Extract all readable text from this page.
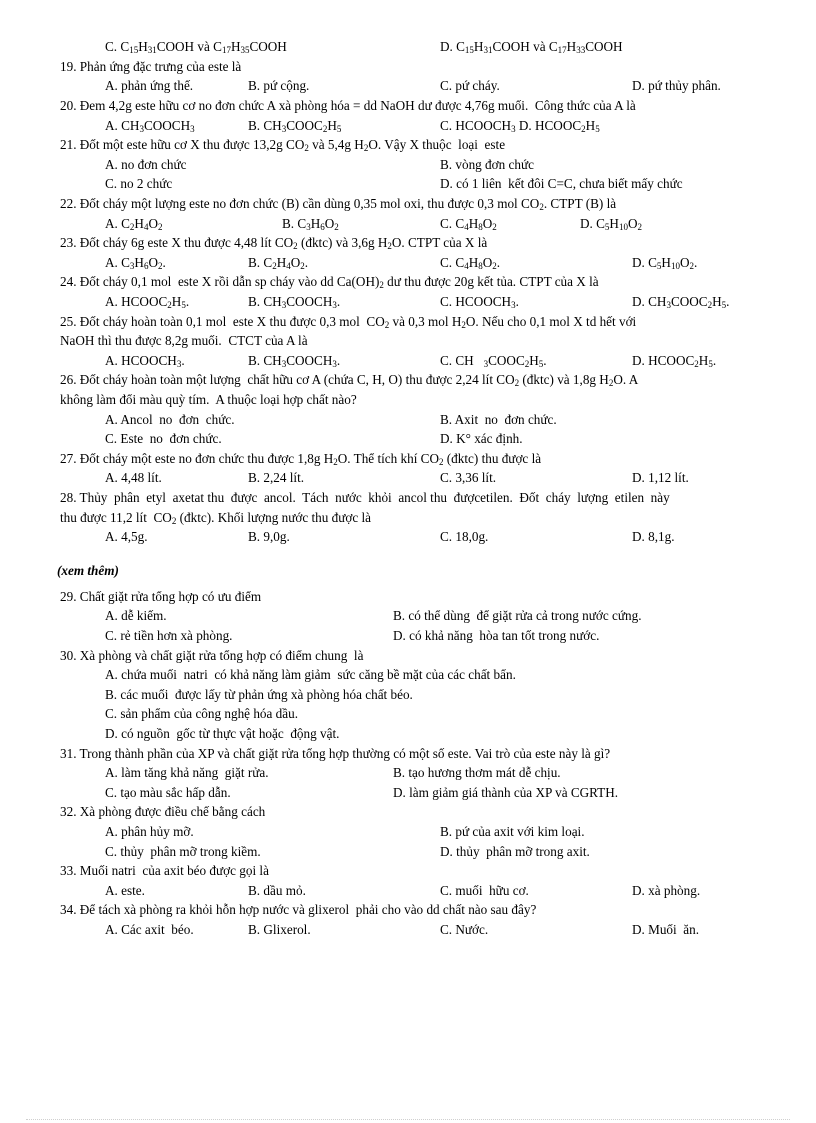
C. $C_{15}H_{31}COOH$ và $C_{17}H_{35}COOH$	D. $C_{15}H_{31}COOH$ và $C_{17}H_{33}COOH$
19. Phản ứng đặc trưng của este là
A. phản ứng thế.	B. pứ cộng.	C. pứ cháy.	D. pứ thủy phân.
20. Đem 4,2g este hữu cơ no đơn chức A xà phòng hóa = dd NaOH dư được 4,76g muối.  Công thức của A là
A. $CH_3COOCH_3$	B. $CH_3COOC_2H_5$	C. $HCOOCH_3$ D. $HCOOC_2H_5$
21. Đốt một este hữu cơ X thu được 13,2g $CO_2$ và 5,4g $H_2O$. Vậy X thuộc  loại  este
A. no đơn chức	B. vòng đơn chức
C. no 2 chức	D. có 1 liên  kết đôi C=C, chưa biết mấy chức
22. Đốt cháy một lượng este no đơn chức (B) cần dùng 0,35 mol oxi, thu được 0,3 mol $CO_2$. CTPT (B) là
A. $C_2H_4O_2$	B. $C_3H_6O_2$	C. $C_4H_8O_2$	D. $C_5H_{10}O_2$
23. Đốt cháy 6g este X thu được 4,48 lít $CO_2$ (đktc) và 3,6g $H_2O$. CTPT của X là
A. $C_3H_6O_2$.	B. $C_2H_4O_2$.	C. $C_4H_8O_2$.	D. $C_5H_{10}O_2$.
24. Đốt cháy 0,1 mol  este X rồi dẫn sp cháy vào dd $Ca(OH)_2$ dư thu được 20g kết tủa. CTPT của X là
A. $HCOOC_2H_5$.	B. $CH_3COOCH_3$.	C. $HCOOCH_3$.	D. $CH_3COOC_2H_5$.
25. Đốt cháy hoàn toàn 0,1 mol  este X thu được 0,3 mol  $CO_2$ và 0,3 mol $H_2O$. Nếu cho 0,1 mol X td hết với
NaOH thì thu được 8,2g muối.  CTCT của A là
A. $HCOOCH_3$.	B. $CH_3COOCH_3$.	C. CH   $_3COOC_2H_5$.	D. $HCOOC_2H_5$.
26. Đốt cháy hoàn toàn một lượng  chất hữu cơ A (chứa C, H, O) thu được 2,24 lít $CO_2$ (đktc) và 1,8g $H_2O$. A
không làm đổi màu quỳ tím.  A thuộc loại hợp chất nào?
A. Ancol  no  đơn  chức.	B. Axit  no  đơn chức.
C. Este  no  đơn chức.	D. K° xác định.
27. Đốt cháy một este no đơn chức thu được 1,8g $H_2O$. Thể tích khí $CO_2$ (đktc) thu được là
A. 4,48 lít.	B. 2,24 lít.	C. 3,36 lít.	D. 1,12 lít.
28. Thủy  phân  etyl  axetat thu  được  ancol.  Tách  nước  khỏi  ancol thu  đượcetilen.  Đốt  cháy  lượng  etilen  này
thu được 11,2 lít  $CO_2$ (đktc). Khối lượng nước thu được là
A. 4,5g.	B. 9,0g.	C. 18,0g.	D. 8,1g.
(xem thêm)
29. Chất giặt rửa tổng hợp có ưu điểm
A. dễ kiếm.	B. có thể dùng  để giặt rửa cả trong nước cứng.
C. rẻ tiền hơn xà phòng.	D. có khả năng  hòa tan tốt trong nước.
30. Xà phòng và chất giặt rửa tổng hợp có điểm chung  là
A. chứa muối  natri  có khả năng làm giảm  sức căng bề mặt của các chất bẩn.
B. các muối  được lấy từ phản ứng xà phòng hóa chất béo.
C. sản phẩm của công nghệ hóa dầu.
D. có nguồn  gốc từ thực vật hoặc  động vật.
31. Trong thành phần của XP và chất giặt rửa tổng hợp thường có một số este. Vai trò của este này là gì?
A. làm tăng khả năng  giặt rửa.	B. tạo hương thơm mát dễ chịu.
C. tạo màu sắc hấp dẫn.	D. làm giảm giá thành của XP và CGRTH.
32. Xà phòng được điều chế bằng cách
A. phân hủy mỡ.	B. pứ của axit với kim loại.
C. thủy  phân mỡ trong kiềm.	D. thủy  phân mỡ trong axit.
33. Muối natri  của axit béo được gọi là
A. este.	B. dầu mỏ.	C. muối  hữu cơ.	D. xà phòng.
34. Để tách xà phòng ra khỏi hỗn hợp nước và glixerol  phải cho vào dd chất nào sau đây?
A. Các axit  béo.	B. Glixerol.	C. Nước.	D. Muối  ăn.
